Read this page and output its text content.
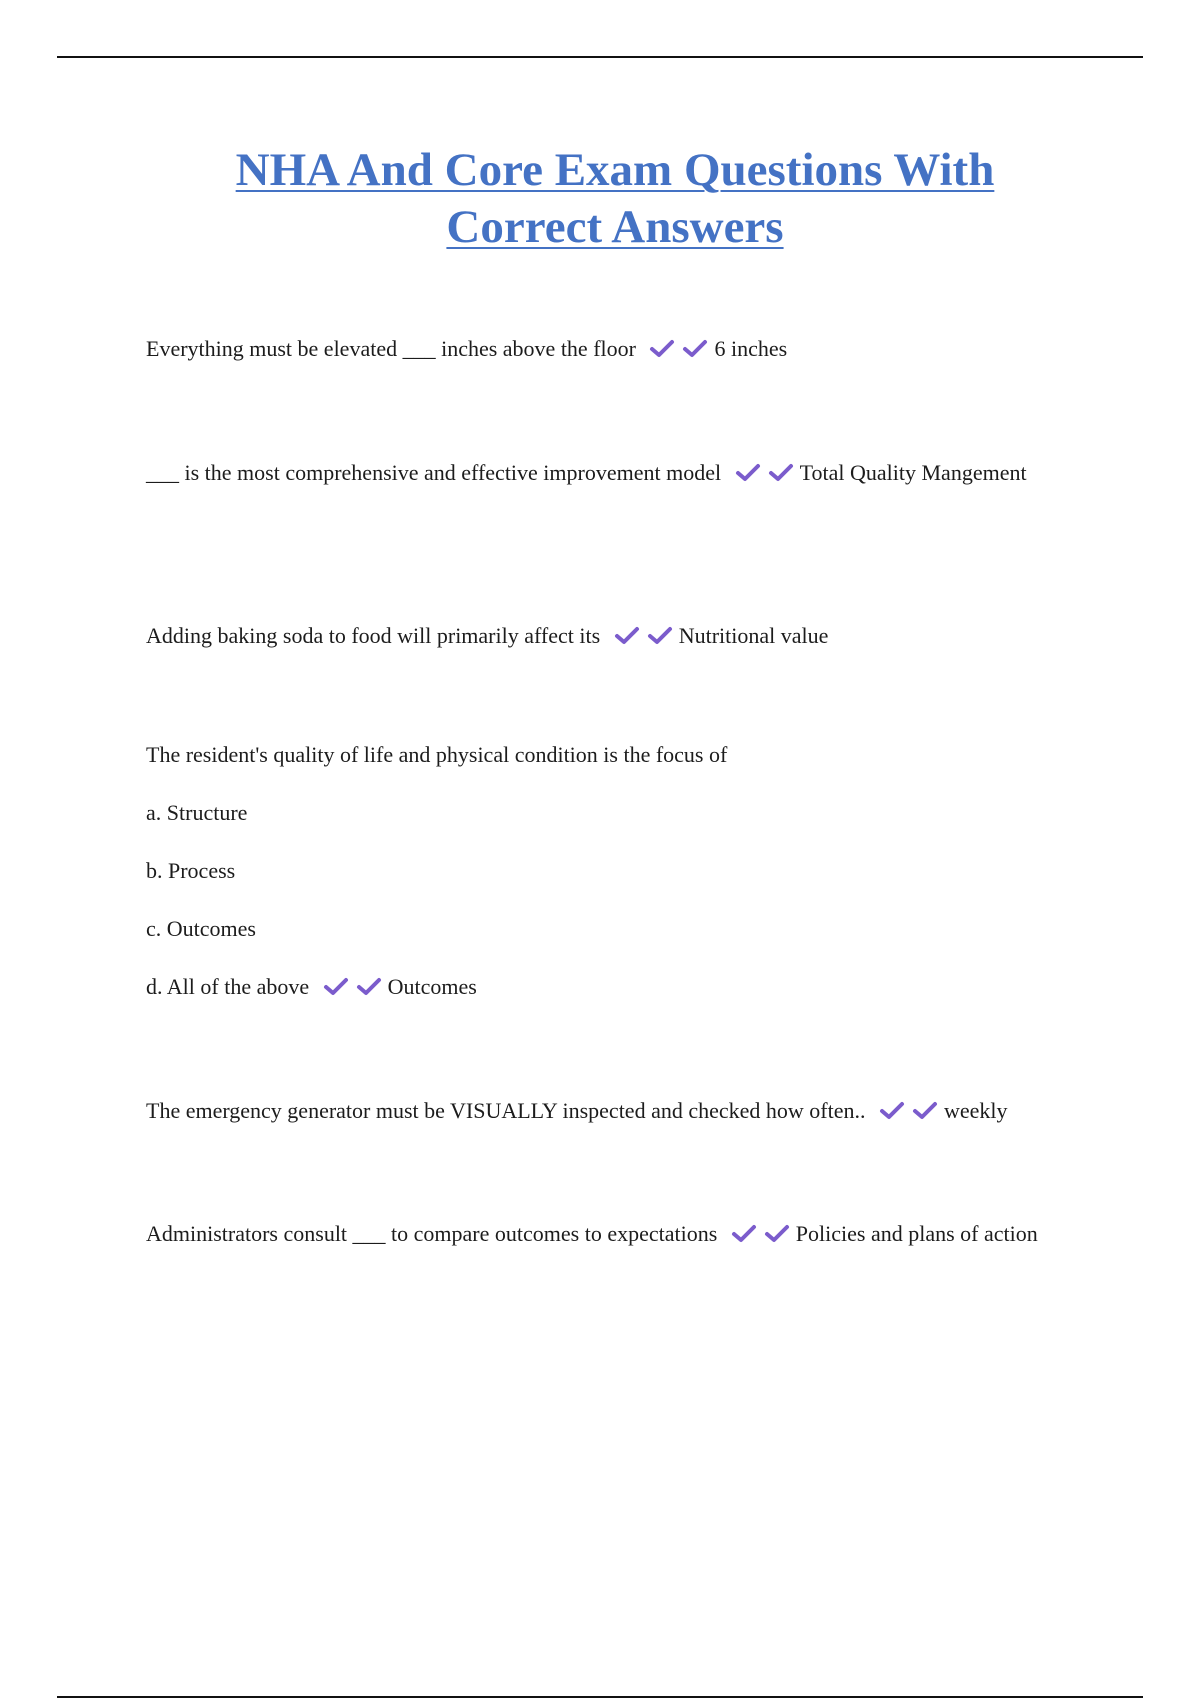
NHA And Core Exam Questions With
Correct Answers

Everything must be elevated ___ inches above the floor	6 inches

___ is the most comprehensive and effective improvement model	Total Quality Mangement

Adding baking soda to food will primarily affect its	Nutritional value

The resident's quality of life and physical condition is the focus of
a. Structure
b. Process
c. Outcomes
d. All of the above	Outcomes

The emergency generator must be VISUALLY inspected and checked how often..	weekly

Administrators consult ___ to compare outcomes to expectations	Policies and plans of action
